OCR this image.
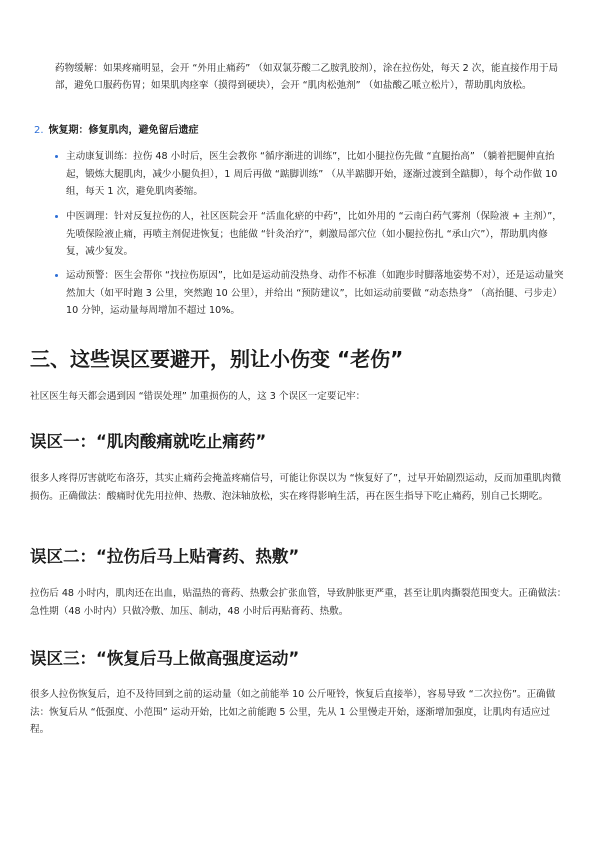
药物缓解：如果疼痛明显，会开 “外用止痛药” （如双氯芬酸二乙胺乳胶剂），涂在拉伤处，每天 2 次，能直接作用于局部，避免口服药伤胃；如果肌肉痉挛（摸得到硬块），会开 “肌肉松弛剂” （如盐酸乙哌立松片），帮助肌肉放松。

2. 恢复期：修复肌肉，避免留后遗症
主动康复训练：拉伤 48 小时后，医生会教你 “循序渐进的训练”，比如小腿拉伤先做 “直腿抬高” （躺着把腿伸直抬起，锻炼大腿肌肉，减少小腿负担），1 周后再做 “踮脚训练” （从半踮脚开始，逐渐过渡到全踮脚），每个动作做 10 组，每天 1 次，避免肌肉萎缩。
中医调理：针对反复拉伤的人，社区医院会开 “活血化瘀的中药”，比如外用的 “云南白药气雾剂（保险液 + 主剂）”，先喷保险液止痛，再喷主剂促进恢复；也能做 “针灸治疗”，刺激局部穴位（如小腿拉伤扎 “承山穴”），帮助肌肉修复，减少复发。
运动预警：医生会帮你 “找拉伤原因”，比如是运动前没热身、动作不标准（如跑步时脚落地姿势不对），还是运动量突然加大（如平时跑 3 公里，突然跑 10 公里），并给出 “预防建议”，比如运动前要做 “动态热身” （高抬腿、弓步走）10 分钟，运动量每周增加不超过 10%。
三、这些误区要避开，别让小伤变 “老伤”

社区医生每天都会遇到因 “错误处理” 加重损伤的人，这 3 个误区一定要记牢：

误区一：“肌肉酸痛就吃止痛药”

很多人疼得厉害就吃布洛芬，其实止痛药会掩盖疼痛信号，可能让你误以为 “恢复好了”，过早开始剧烈运动，反而加重肌肉微损伤。正确做法：酸痛时优先用拉伸、热敷、泡沫轴放松，实在疼得影响生活，再在医生指导下吃止痛药，别自己长期吃。

误区二：“拉伤后马上贴膏药、热敷”

拉伤后 48 小时内，肌肉还在出血，贴温热的膏药、热敷会扩张血管，导致肿胀更严重，甚至让肌肉撕裂范围变大。正确做法：急性期（48 小时内）只做冷敷、加压、制动，48 小时后再贴膏药、热敷。

误区三：“恢复后马上做高强度运动”

很多人拉伤恢复后，迫不及待回到之前的运动量（如之前能举 10 公斤哑铃，恢复后直接举），容易导致 “二次拉伤”。正确做法：恢复后从 “低强度、小范围” 运动开始，比如之前能跑 5 公里，先从 1 公里慢走开始，逐渐增加强度，让肌肉有适应过程。
